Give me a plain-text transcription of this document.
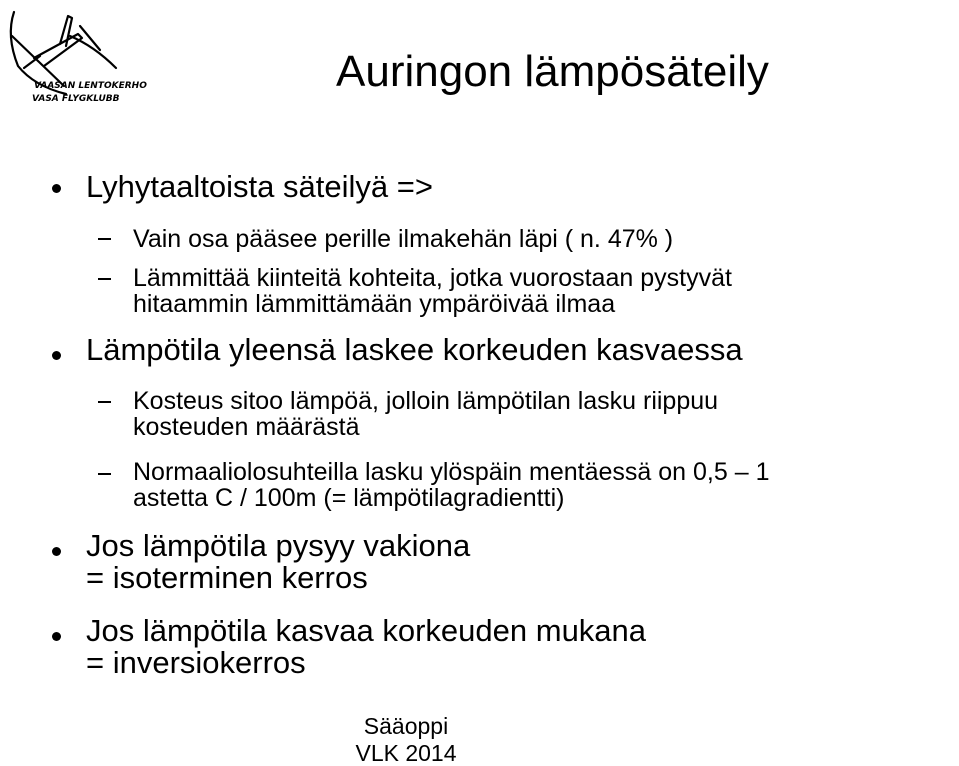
VAASAN LENTOKERHO
VASA FLYGKLUBB
Auringon lämpösäteily
Lyhytaaltoista säteilyä =>
Vain osa pääsee perille ilmakehän läpi ( n. 47% )
Lämmittää kiinteitä kohteita, jotka vuorostaan pystyvät
hitaammin lämmittämään ympäröivää ilmaa
Lämpötila yleensä laskee korkeuden kasvaessa
Kosteus sitoo lämpöä, jolloin lämpötilan lasku riippuu
kosteuden määrästä
Normaaliolosuhteilla lasku ylöspäin mentäessä on 0,5 – 1
astetta C / 100m (= lämpötilagradientti)
Jos lämpötila pysyy vakiona
= isoterminen kerros
Jos lämpötila kasvaa korkeuden mukana
= inversiokerros
Sääoppi
VLK 2014
